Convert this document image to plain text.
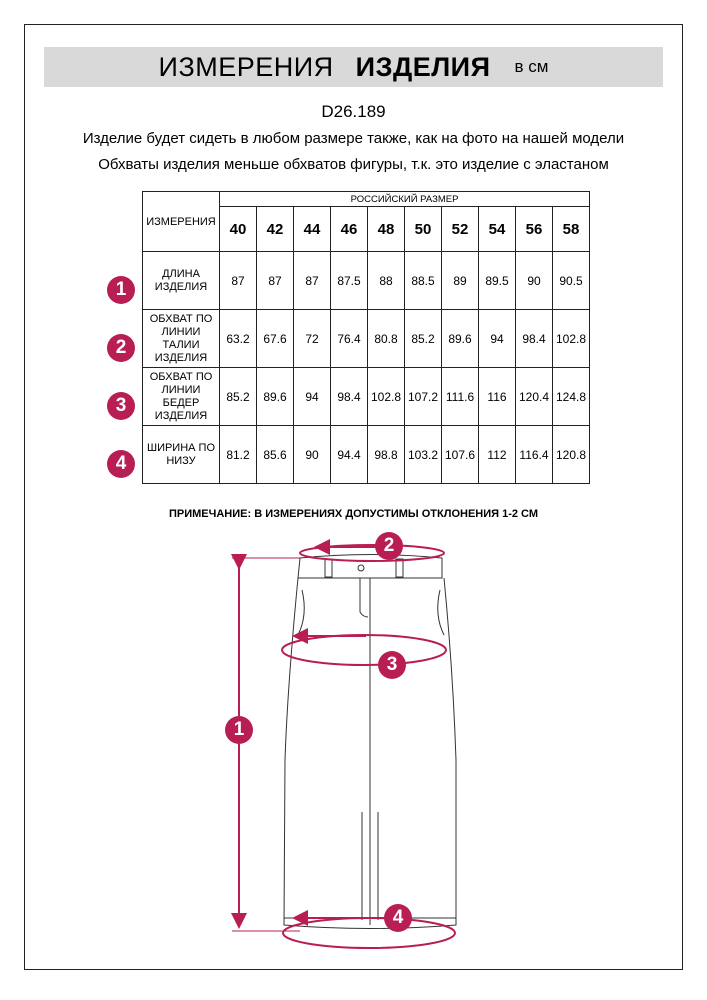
ИЗМЕРЕНИЯ ИЗДЕЛИЯ в см
D26.189
Изделие будет сидеть в любом размере также, как на фото на нашей модели
Обхваты изделия меньше обхватов фигуры, т.к. это изделие с эластаном
ИЗМЕРЕНИЯ	РОССИЙСКИЙ РАЗМЕР									
	40	42	44	46	48	50	52	54	56	58

ДЛИНА
ИЗДЕЛИЯ	87	87	87	87.5	88	88.5	89	89.5	90	90.5

ОБХВАТ ПО
ЛИНИИ
ТАЛИИ
ИЗДЕЛИЯ	63.2	67.6	72	76.4	80.8	85.2	89.6	94	98.4	102.8

ОБХВАТ ПО
ЛИНИИ
БЕДЕР
ИЗДЕЛИЯ	85.2	89.6	94	98.4	102.8	107.2	111.6	116	120.4	124.8

ШИРИНА ПО
НИЗУ	81.2	85.6	90	94.4	98.8	103.2	107.6	112	116.4	120.8
1
2
3
4
ПРИМЕЧАНИЕ: В ИЗМЕРЕНИЯХ ДОПУСТИМЫ ОТКЛОНЕНИЯ 1-2 СМ
2
3
1
4
